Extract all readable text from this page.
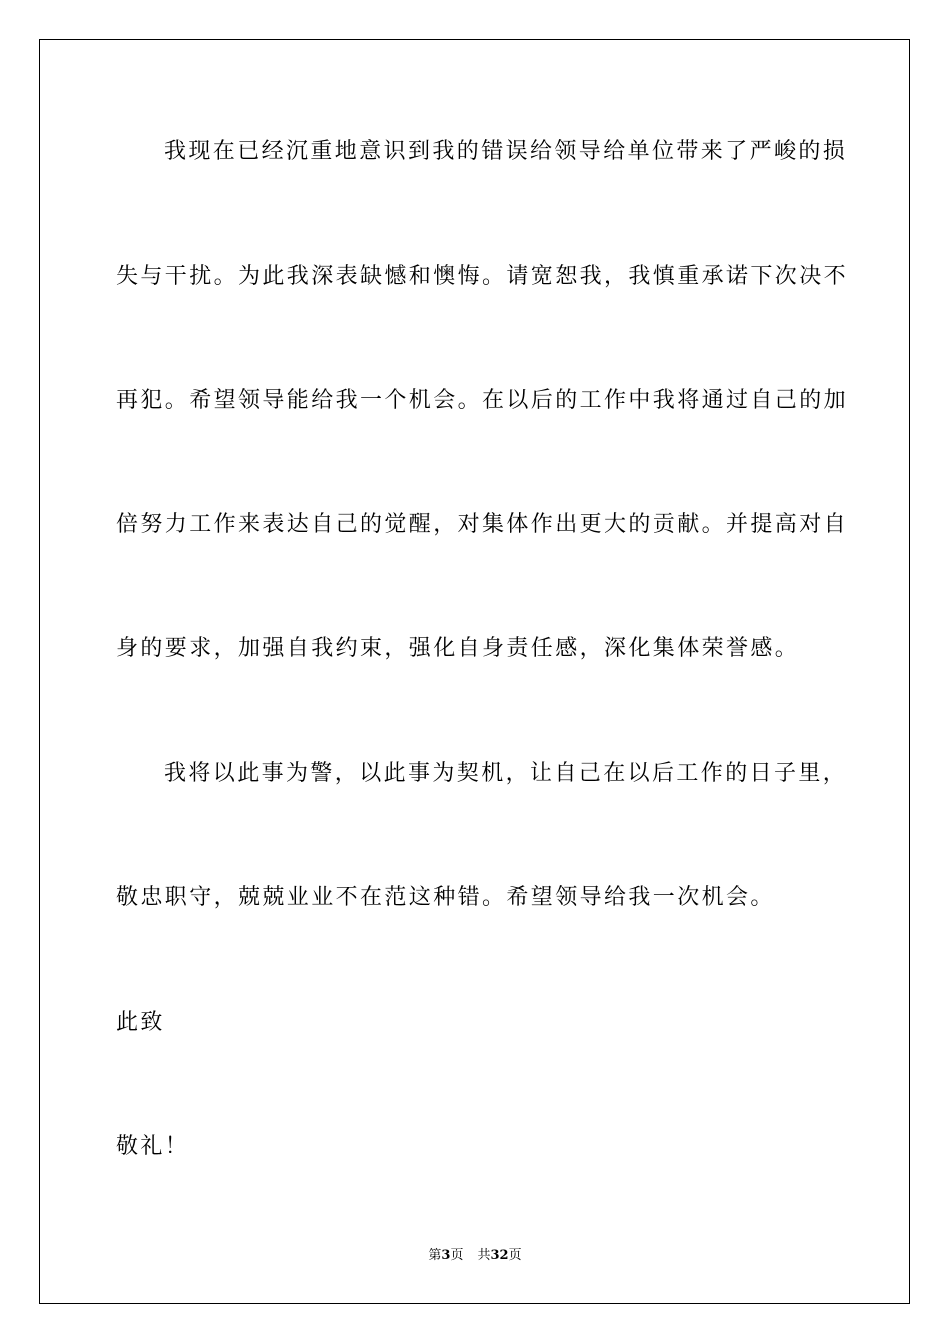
我现在已经沉重地意识到我的错误给领导给单位带来了严峻的损
失与干扰。为此我深表缺憾和懊悔。请宽恕我，我慎重承诺下次决不
再犯。希望领导能给我一个机会。在以后的工作中我将通过自己的加
倍努力工作来表达自己的觉醒，对集体作出更大的贡献。并提高对自
身的要求，加强自我约束，强化自身责任感，深化集体荣誉感。
我将以此事为警，以此事为契机，让自己在以后工作的日子里，
敬忠职守，兢兢业业不在范这种错。希望领导给我一次机会。
此致
敬礼！
第3页 共32页
